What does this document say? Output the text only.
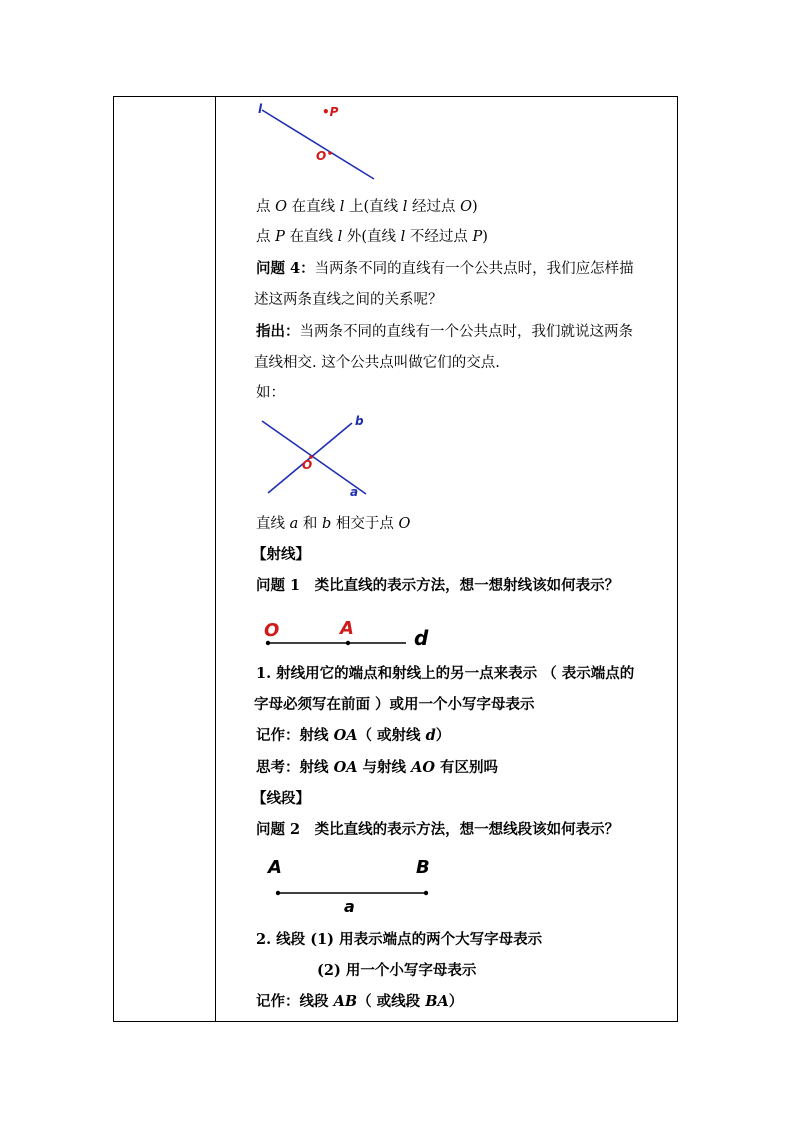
l	•P
O
点 O 在直线 l 上(直线 l 经过点 O)
点 P 在直线 l 外(直线 l 不经过点 P)
问题 4：当两条不同的直线有一个公共点时，我们应怎样描
述这两条直线之间的关系呢？
指出：当两条不同的直线有一个公共点时，我们就说这两条
直线相交. 这个公共点叫做它们的交点.
如：
b
a
O
直线 a 和 b 相交于点 O
【射线】
问题 1　类比直线的表示方法，想一想射线该如何表示？
O	A	d
1. 射线用它的端点和射线上的另一点来表示 （ 表示端点的
字母必须写在前面 ）或用一个小写字母表示
记作：射线 OA（ 或射线 d）
思考：射线 OA 与射线 AO 有区别吗
【线段】
问题 2　类比直线的表示方法，想一想线段该如何表示？
A	B
a
2. 线段 (1) 用表示端点的两个大写字母表示
(2) 用一个小写字母表示
记作：线段 AB（ 或线段 BA）
